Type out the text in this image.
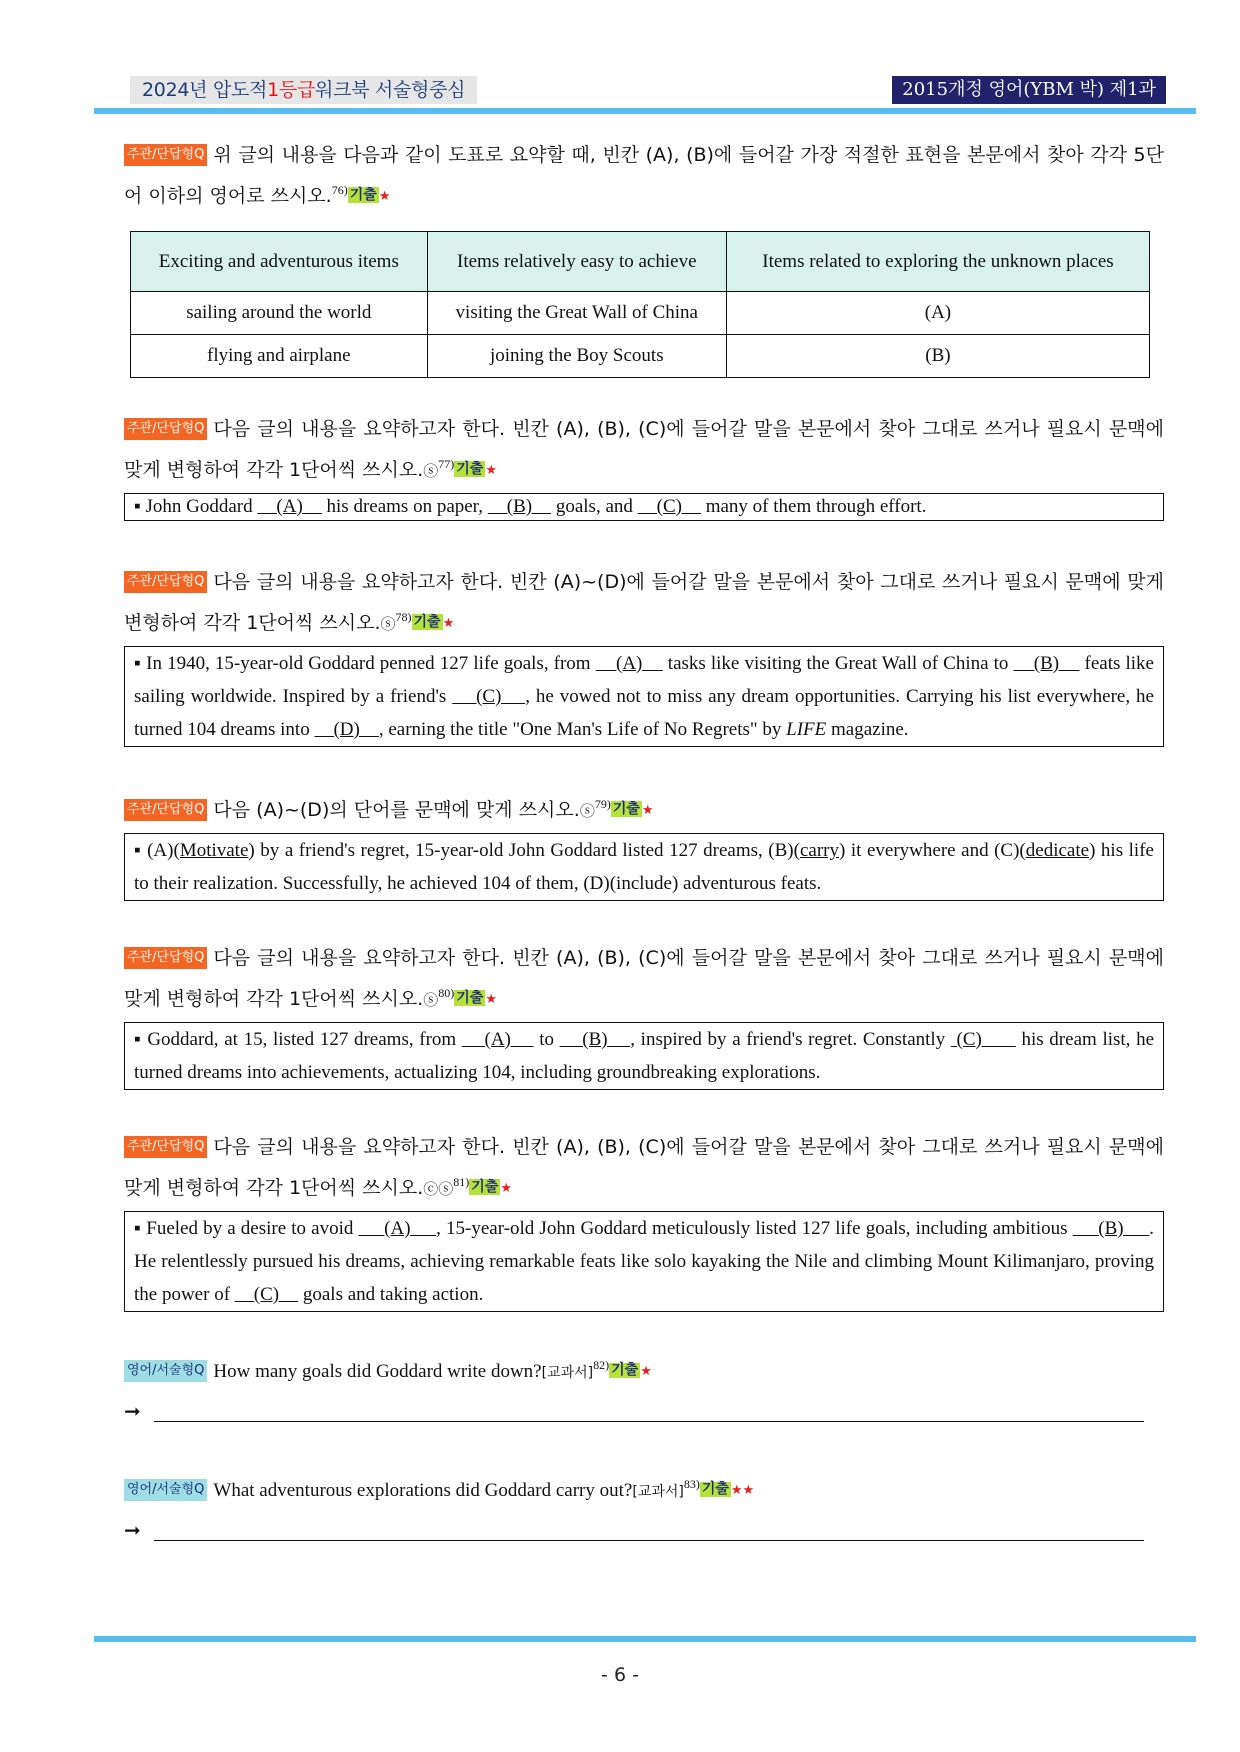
2024년 압도적1등급워크북 서술형중심	2015개정 영어(YBM 박) 제1과
주관/단답형Q 위 글의 내용을 다음과 같이 도표로 요약할 때, 빈칸 (A), (B)에 들어갈 가장 적절한 표현을 본문에서 찾아 각각 5단어 이하의 영어로 쓰시오.$^{76)}$ 기출 ★
Exciting and adventurous items	Items relatively easy to achieve	Items related to exploring the unknown places
sailing around the world	visiting the Great Wall of China	(A)
flying and airplane	joining the Boy Scouts	(B)
주관/단답형Q 다음 글의 내용을 요약하고자 한다. 빈칸 (A), (B), (C)에 들어갈 말을 본문에서 찾아 그대로 쓰거나 필요시 문맥에 맞게 변형하여 각각 1단어씩 쓰시오.ⓢ$^{77)}$ 기출 ★
▪ John Goddard     (A)     his dreams on paper,     (B)     goals, and     (C)     many of them through effort.
주관/단답형Q 다음 글의 내용을 요약하고자 한다. 빈칸 (A)~(D)에 들어갈 말을 본문에서 찾아 그대로 쓰거나 필요시 문맥에 맞게 변형하여 각각 1단어씩 쓰시오.ⓢ$^{78)}$ 기출 ★
▪ In 1940, 15-year-old Goddard penned 127 life goals, from     (A)     tasks like visiting the Great Wall of China to     (B)     feats like sailing worldwide. Inspired by a friend's     (C)    , he vowed not to miss any dream opportunities. Carrying his list everywhere, he turned 104 dreams into     (D)    , earning the title "One Man's Life of No Regrets" by LIFE magazine.
주관/단답형Q 다음 (A)~(D)의 단어를 문맥에 맞게 쓰시오.ⓢ$^{79)}$ 기출 ★
▪ (A)(Motivate) by a friend's regret, 15-year-old John Goddard listed 127 dreams, (B)(carry) it everywhere and (C)(dedicate) his life to their realization. Successfully, he achieved 104 of them, (D)(include) adventurous feats.
주관/단답형Q 다음 글의 내용을 요약하고자 한다. 빈칸 (A), (B), (C)에 들어갈 말을 본문에서 찾아 그대로 쓰거나 필요시 문맥에 맞게 변형하여 각각 1단어씩 쓰시오.ⓢ$^{80)}$ 기출 ★
▪ Goddard, at 15, listed 127 dreams, from     (A)     to     (B)    , inspired by a friend's regret. Constantly  (C)       his dream list, he turned dreams into achievements, actualizing 104, including groundbreaking explorations.
주관/단답형Q 다음 글의 내용을 요약하고자 한다. 빈칸 (A), (B), (C)에 들어갈 말을 본문에서 찾아 그대로 쓰거나 필요시 문맥에 맞게 변형하여 각각 1단어씩 쓰시오.ⓒⓢ$^{81)}$ 기출 ★
▪ Fueled by a desire to avoid      (A)     , 15-year-old John Goddard meticulously listed 127 life goals, including ambitious      (B)     . He relentlessly pursued his dreams, achieving remarkable feats like solo kayaking the Nile and climbing Mount Kilimanjaro, proving the power of     (C)     goals and taking action.
영어/서술형Q How many goals did Goddard write down?[교과서]$^{82)}$ 기출 ★
➞
영어/서술형Q What adventurous explorations did Goddard carry out?[교과서]$^{83)}$ 기출 ★★
➞
- 6 -
